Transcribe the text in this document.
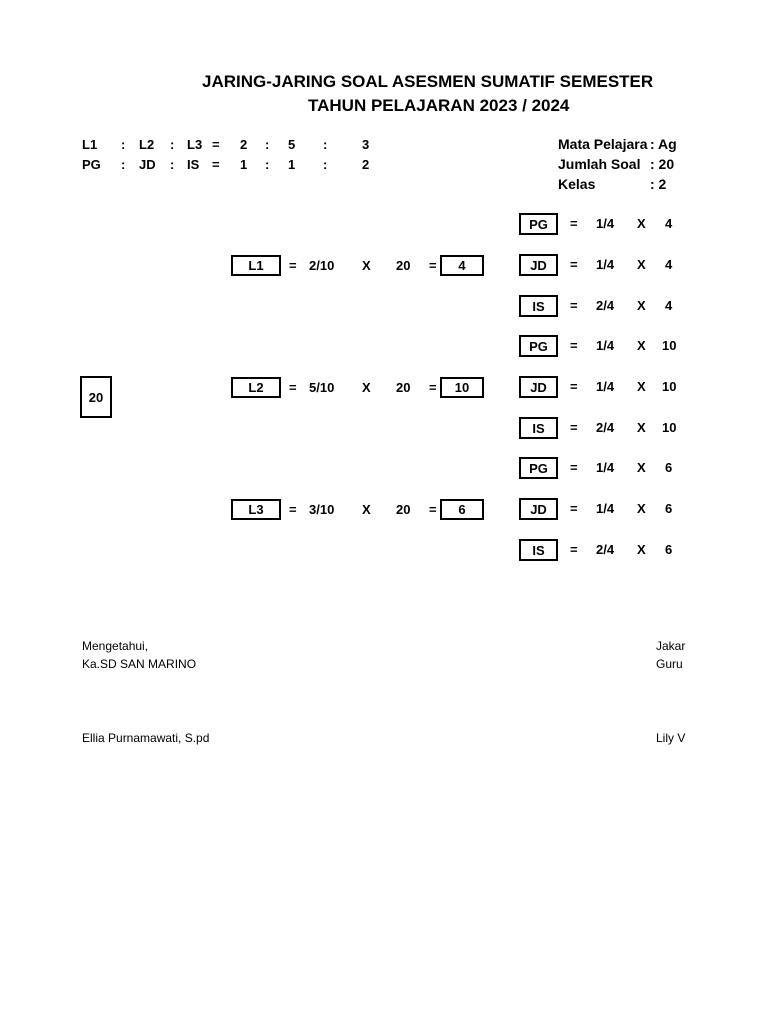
JARING-JARING SOAL ASESMEN SUMATIF SEMESTER
TAHUN PELAJARAN 2023 / 2024
L1 : L2 : L3 = 2 : 5 :	3
PG : JD : IS = 1 : 1 :	2
Mata Pelajara : Ag
Jumlah Soal : 20
Kelas	: 2
20
L1	= 2/10 X 20 =	4
L2	= 5/10 X 20 =	10
L3	= 3/10 X 20 =	6
PG	= 1/4 X 4
JD	= 1/4 X 4
IS	= 2/4 X 4
PG	= 1/4 X 10
JD	= 1/4 X 10
IS	= 2/4 X 10
PG	= 1/4 X 6
JD	= 1/4 X 6
IS	= 2/4 X 6
Mengetahui,
Ka.SD SAN MARINO
Ellia Purnamawati, S.pd
Jakar
Guru
Lily V
